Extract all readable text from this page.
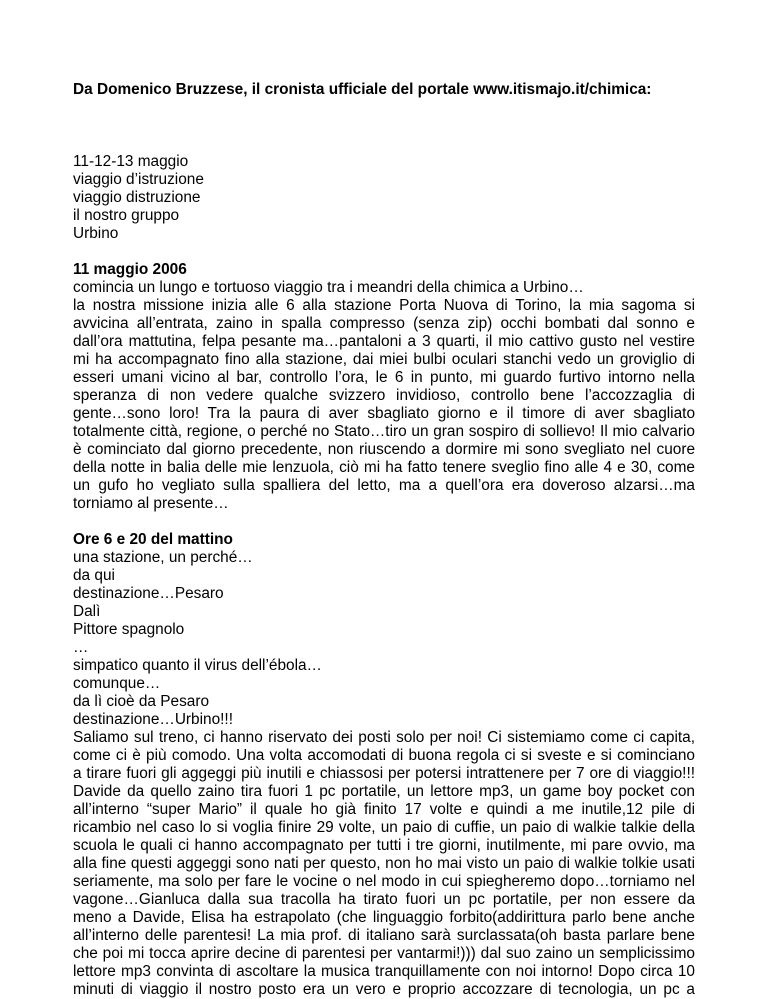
Da Domenico Bruzzese, il cronista ufficiale del portale www.itismajo.it/chimica:

11-12-13 maggio
viaggio d’istruzione
viaggio distruzione
il nostro gruppo
Urbino

11 maggio 2006

comincia un lungo e tortuoso viaggio tra i meandri della chimica a Urbino…
la nostra missione inizia alle 6 alla stazione Porta Nuova di Torino, la mia sagoma si
avvicina all’entrata, zaino in spalla compresso (senza zip) occhi bombati dal sonno e
dall’ora mattutina, felpa pesante ma…pantaloni a 3 quarti, il mio cattivo gusto nel vestire
mi ha accompagnato fino alla stazione, dai miei bulbi oculari stanchi vedo un groviglio di
esseri umani vicino al bar, controllo l’ora, le 6 in punto, mi guardo furtivo intorno nella
speranza di non vedere qualche svizzero invidioso, controllo bene l’accozzaglia di
gente…sono loro! Tra la paura di aver sbagliato giorno e il timore di aver sbagliato
totalmente città, regione, o perché no Stato…tiro un gran sospiro di sollievo! Il mio calvario
è cominciato dal giorno precedente, non riuscendo a dormire mi sono svegliato nel cuore
della notte in balia delle mie lenzuola, ciò mi ha fatto tenere sveglio fino alle 4 e 30, come
un gufo ho vegliato sulla spalliera del letto, ma a quell’ora era doveroso alzarsi…ma
torniamo al presente…

Ore 6 e 20 del mattino

una stazione, un perché…
da qui
destinazione…Pesaro
Dalì
Pittore spagnolo
…
simpatico quanto il virus dell’ébola…
comunque…
da lì cioè da Pesaro
destinazione…Urbino!!!
Saliamo sul treno, ci hanno riservato dei posti solo per noi! Ci sistemiamo come ci capita,
come ci è più comodo. Una volta accomodati di buona regola ci si sveste e si cominciano
a tirare fuori gli aggeggi più inutili e chiassosi per potersi intrattenere per 7 ore di viaggio!!!
Davide da quello zaino tira fuori 1 pc portatile, un lettore mp3, un game boy pocket con
all’interno “super Mario” il quale ho già finito 17 volte e quindi a me inutile,12 pile di
ricambio nel caso lo si voglia finire 29 volte, un paio di cuffie, un paio di walkie talkie della
scuola le quali ci hanno accompagnato per tutti i tre giorni, inutilmente, mi pare ovvio, ma
alla fine questi aggeggi sono nati per questo, non ho mai visto un paio di walkie tolkie usati
seriamente, ma solo per fare le vocine o nel modo in cui spiegheremo dopo…torniamo nel
vagone…Gianluca dalla sua tracolla ha tirato fuori un pc portatile, per non essere da
meno a Davide, Elisa ha estrapolato (che linguaggio forbito(addirittura parlo bene anche
all’interno delle parentesi! La mia prof. di italiano sarà surclassata(oh basta parlare bene
che poi mi tocca aprire decine di parentesi per vantarmi!))) dal suo zaino un semplicissimo
lettore mp3 convinta di ascoltare la musica tranquillamente con noi intorno! Dopo circa 10
minuti di viaggio il nostro posto era un vero e proprio accozzare di tecnologia, un pc a
